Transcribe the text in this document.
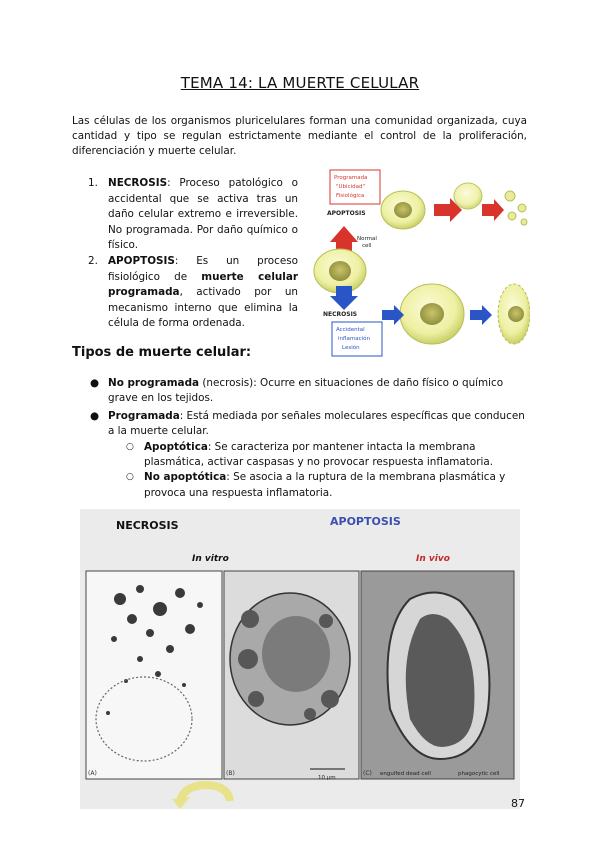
TEMA 14: LA MUERTE CELULAR
Las células de los organismos pluricelulares forman una comunidad organizada, cuya cantidad y tipo se regulan estrictamente mediante el control de la proliferación, diferenciación y muerte celular.
1. NECROSIS: Proceso patológico o accidental que se activa tras un daño celular extremo e irreversible. No programada. Por daño químico o físico.
2. APOPTOSIS: Es un proceso fisiológico de muerte celular programada, activado por un mecanismo interno que elimina la célula de forma ordenada.
Programada
"Ubicidad"
Fisiológica
APOPTOSIS
Normal
cell
NECROSIS
Accidental
inflamación
Lesión
Tipos de muerte celular:
● No programada (necrosis): Ocurre en situaciones de daño físico o químico grave en los tejidos.
● Programada: Está mediada por señales moleculares específicas que conducen a la muerte celular.
○ Apoptótica: Se caracteriza por mantener intacta la membrana plasmática, activar caspasas y no provocar respuesta inflamatoria.
○ No apoptótica: Se asocia a la ruptura de la membrana plasmática y provoca una respuesta inflamatoria.
NECROSIS	APOPTOSIS
In vitro	In vivo
(A)	(B)
10 μm
(C) engulfed dead cell	phagocytic cell
87
